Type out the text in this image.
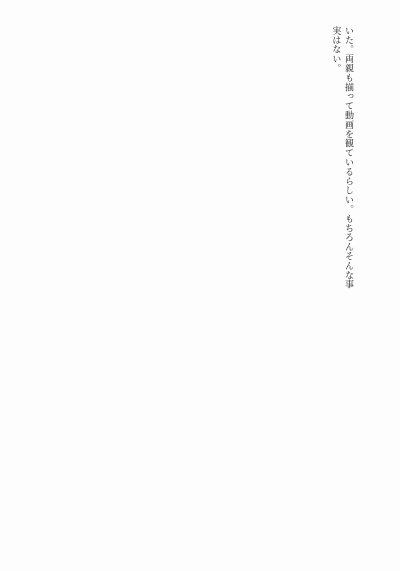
いた。両親も揃って動画を観ているらしい。もちろんそんな事実はない。
